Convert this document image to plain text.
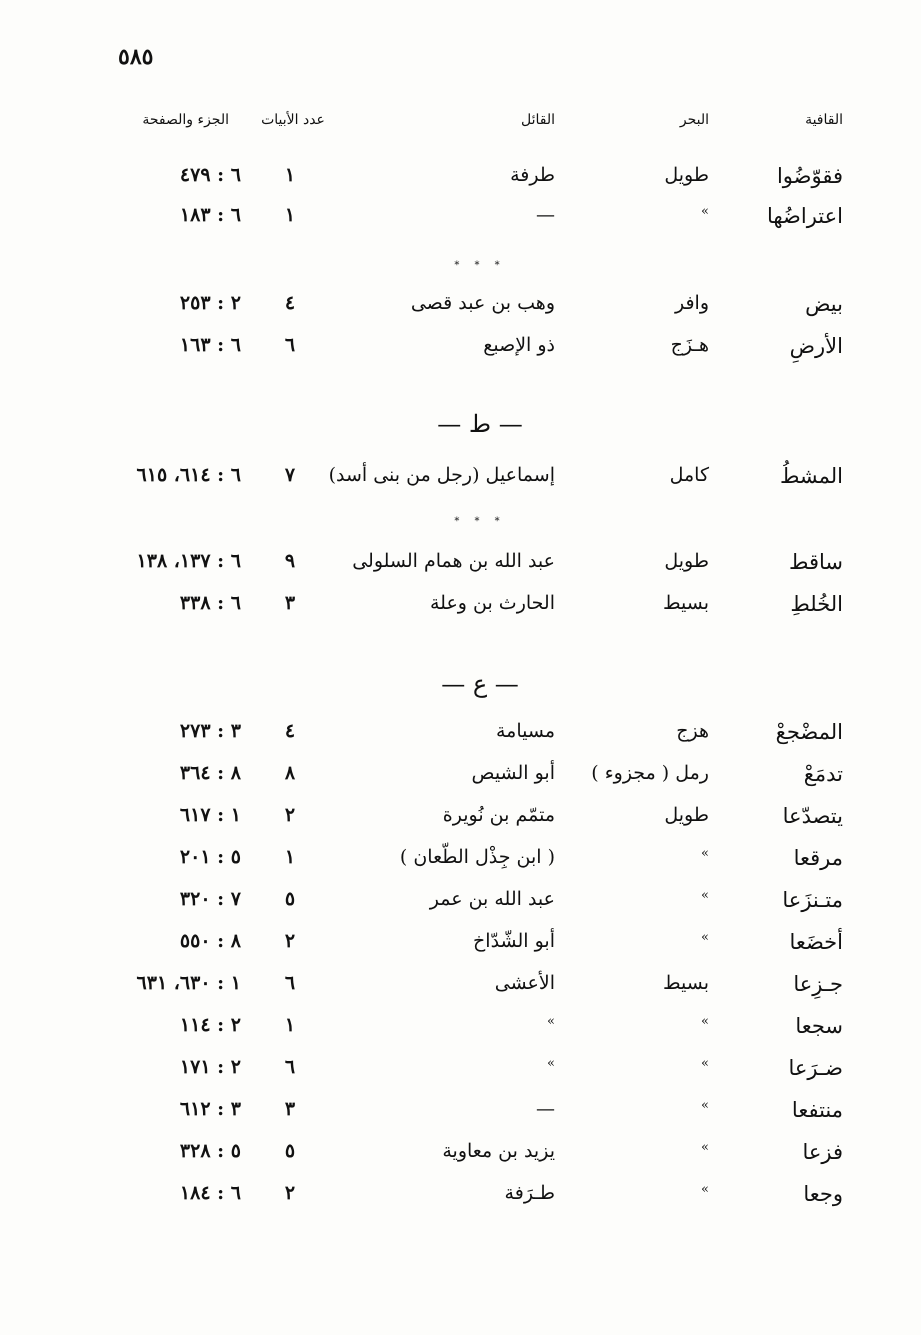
٥٨٥
القافية
البحر
القائل
عدد الأبيات
الجزء والصفحة
فقوّضُوا
طويل
طرفة
١
٦ : ٤٧٩
اعتراضُها
»
—
١
٦ : ١٨٣
* * *
بيض
وافر
وهب بن عبد قصى
٤
٢ : ٢٥٣
الأرضِ
هـزَج
ذو الإصبع
٦
٦ : ١٦٣
— ط —
المشطُ
كامل
إسماعيل (رجل من بنى أسد)
٧
٦ : ٦١٤، ٦١٥
* * *
ساقط
طويل
عبد الله بن همام السلولى
٩
٦ : ١٣٧، ١٣٨
الخُلطِ
بسيط
الحارث بن وعلة
٣
٦ : ٣٣٨
— ع —
المضْجعْ
هزج
مسيامة
٤
٣ : ٢٧٣
تدمَعْ
رمل ( مجزوء )
أبو الشيص
٨
٨ : ٣٦٤
يتصدّعا
طويل
متمّم بن نُويرة
٢
١ : ٦١٧
مرقعا
»
( ابن جِذْل الطّعان )
١
٥ : ٢٠١
متـنزَعا
»
عبد الله بن عمر
٥
٧ : ٣٢٠
أخضَعا
»
أبو الشّدّاخ
٢
٨ : ٥٥٠
جـزِعا
بسيط
الأعشى
٦
١ : ٦٣٠، ٦٣١
سجعا
»
»
١
٢ : ١١٤
ضـرَعا
»
»
٦
٢ : ١٧١
منتفعا
»
—
٣
٣ : ٦١٢
فزعا
»
يزيد بن معاوية
٥
٥ : ٣٢٨
وجعا
»
طـرَفة
٢
٦ : ١٨٤
